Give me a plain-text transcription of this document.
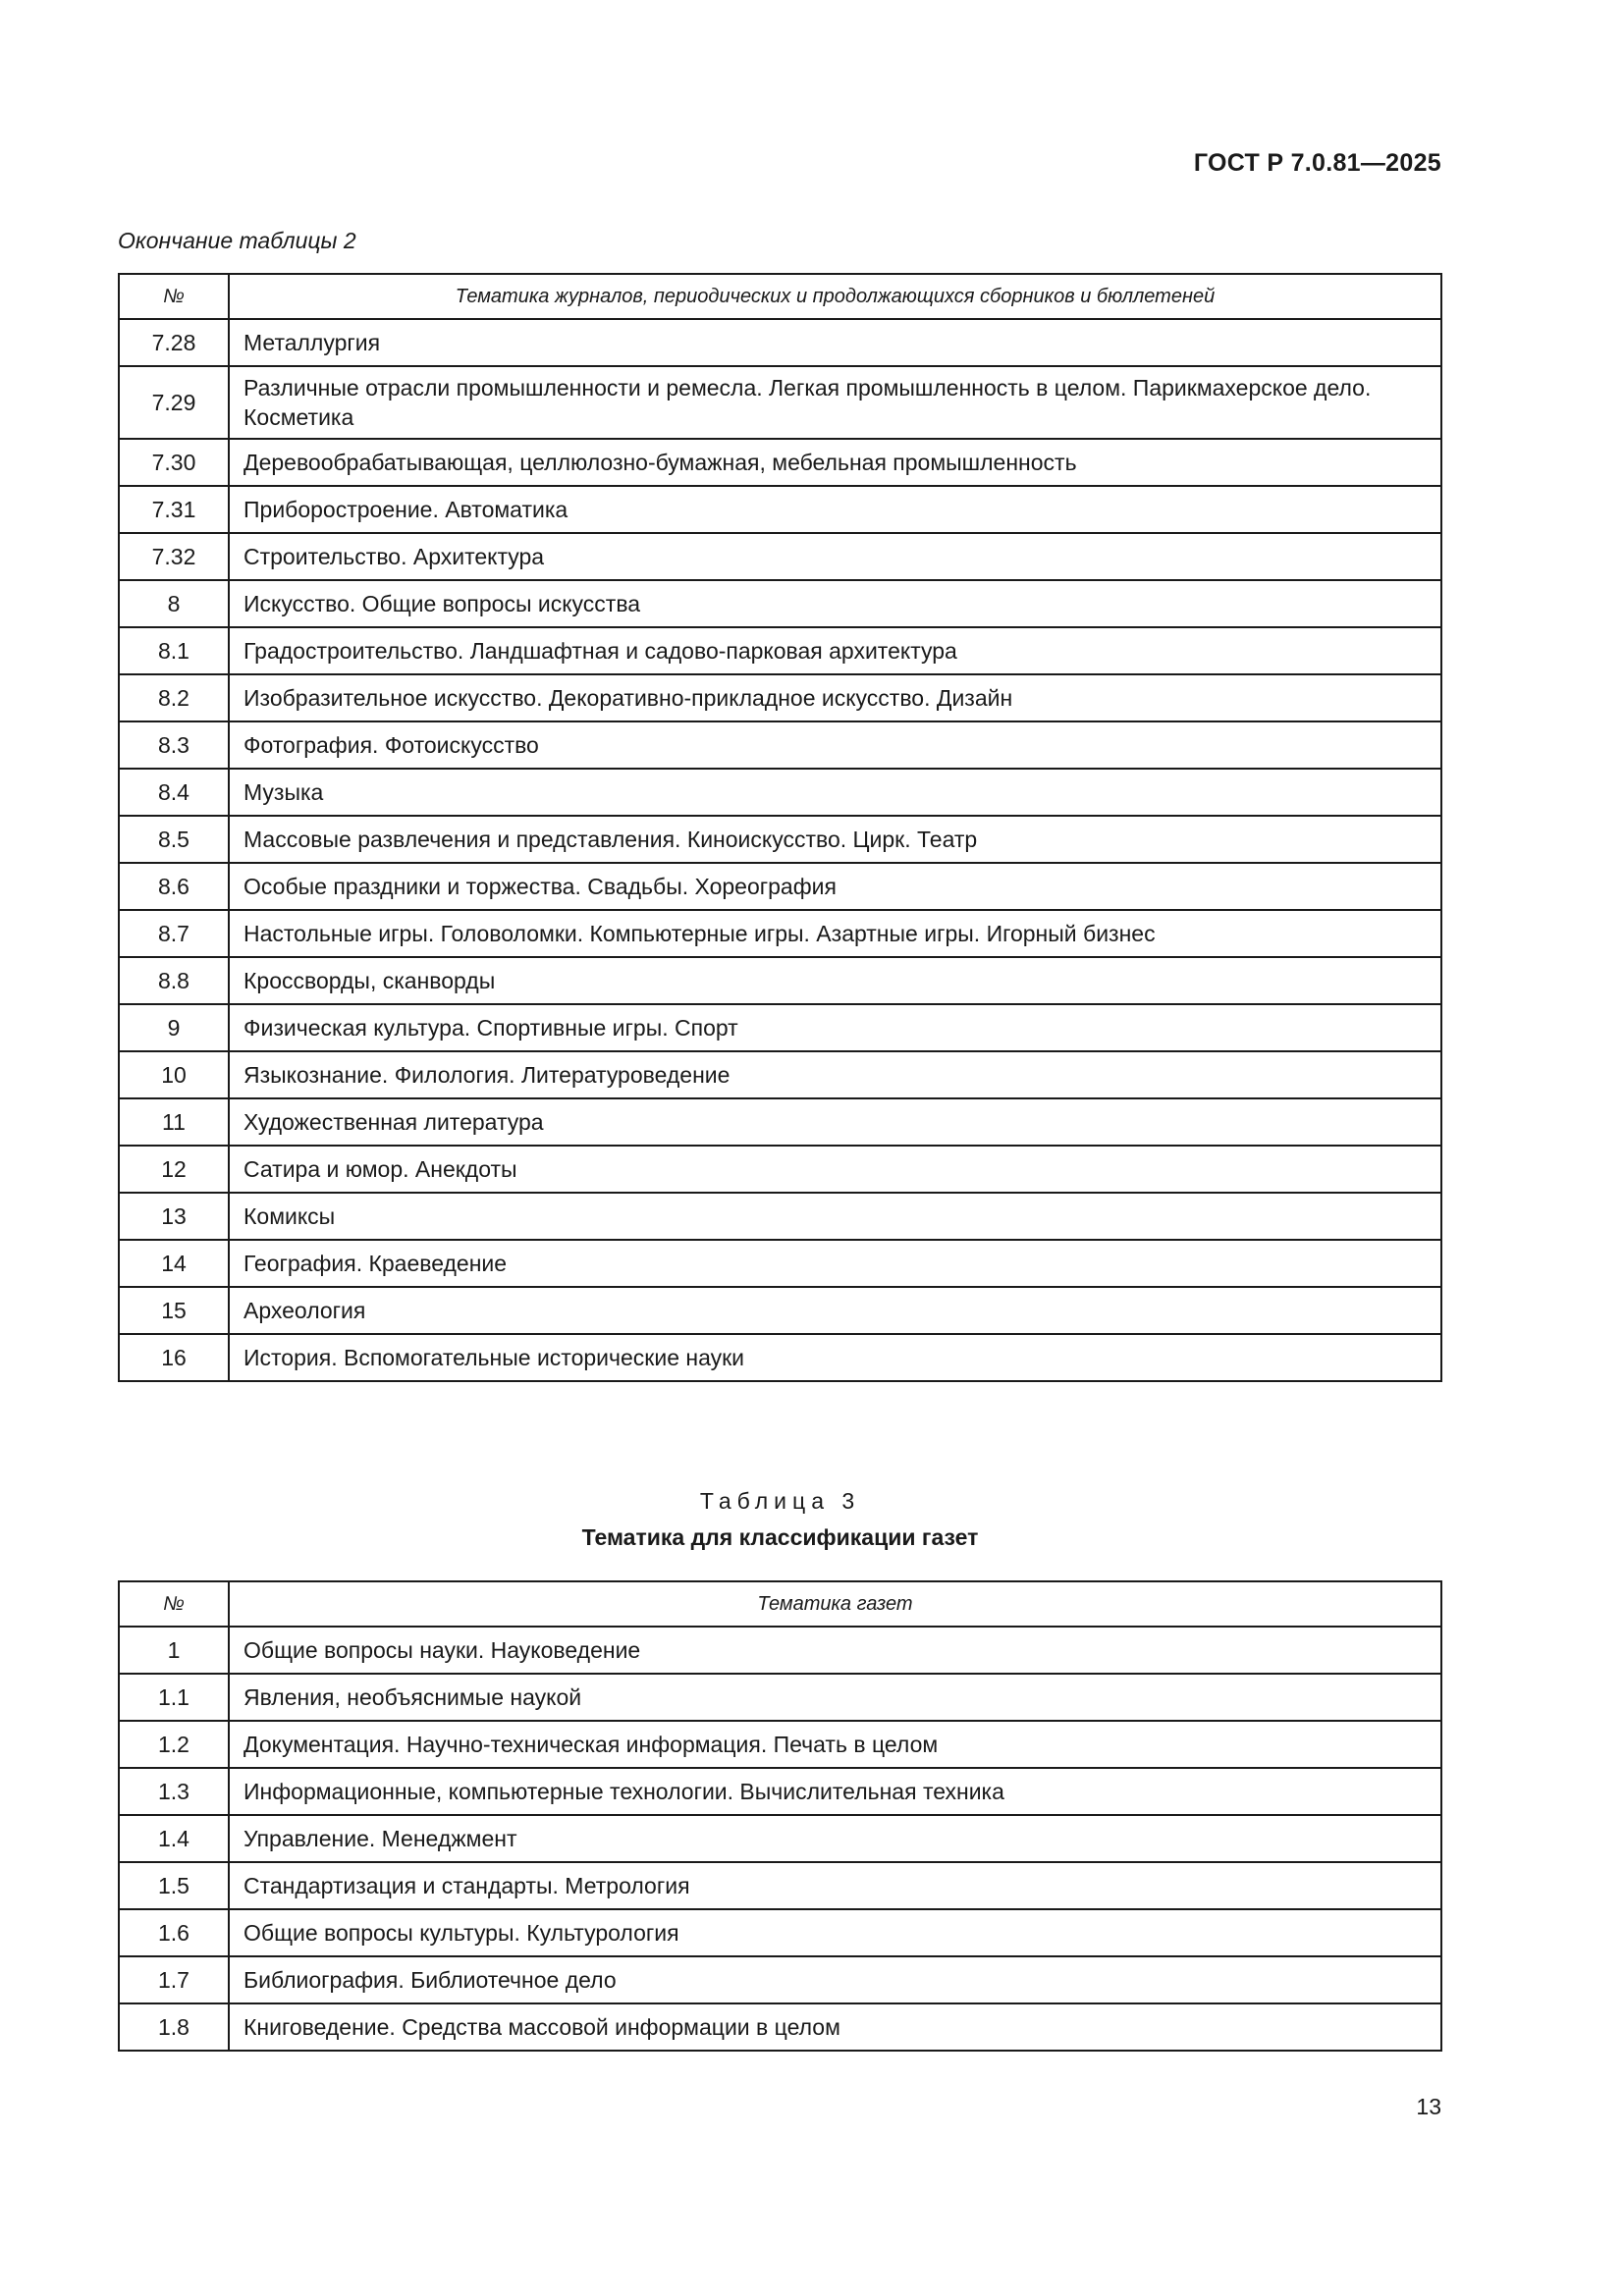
ГОСТ Р 7.0.81—2025
Окончание таблицы 2
№	Тематика журналов, периодических и продолжающихся сборников и бюллетеней
7.28	Металлургия
7.29	Различные отрасли промышленности и ремесла. Легкая промышленность в целом. Парикмахерское дело. Косметика
7.30	Деревообрабатывающая, целлюлозно-бумажная, мебельная промышленность
7.31	Приборостроение. Автоматика
7.32	Строительство. Архитектура
8	Искусство. Общие вопросы искусства
8.1	Градостроительство. Ландшафтная и садово-парковая архитектура
8.2	Изобразительное искусство. Декоративно-прикладное искусство. Дизайн
8.3	Фотография. Фотоискусство
8.4	Музыка
8.5	Массовые развлечения и представления. Киноискусство. Цирк. Театр
8.6	Особые праздники и торжества. Свадьбы. Хореография
8.7	Настольные игры. Головоломки. Компьютерные игры. Азартные игры. Игорный бизнес
8.8	Кроссворды, сканворды
9	Физическая культура. Спортивные игры. Спорт
10	Языкознание. Филология. Литературоведение
11	Художественная литература
12	Сатира и юмор. Анекдоты
13	Комиксы
14	География. Краеведение
15	Археология
16	История. Вспомогательные исторические науки
Таблица 3
Тематика для классификации газет
№	Тематика газет
1	Общие вопросы науки. Науковедение
1.1	Явления, необъяснимые наукой
1.2	Документация. Научно-техническая информация. Печать в целом
1.3	Информационные, компьютерные технологии. Вычислительная техника
1.4	Управление. Менеджмент
1.5	Стандартизация и стандарты. Метрология
1.6	Общие вопросы культуры. Культурология
1.7	Библиография. Библиотечное дело
1.8	Книговедение. Средства массовой информации в целом
13
